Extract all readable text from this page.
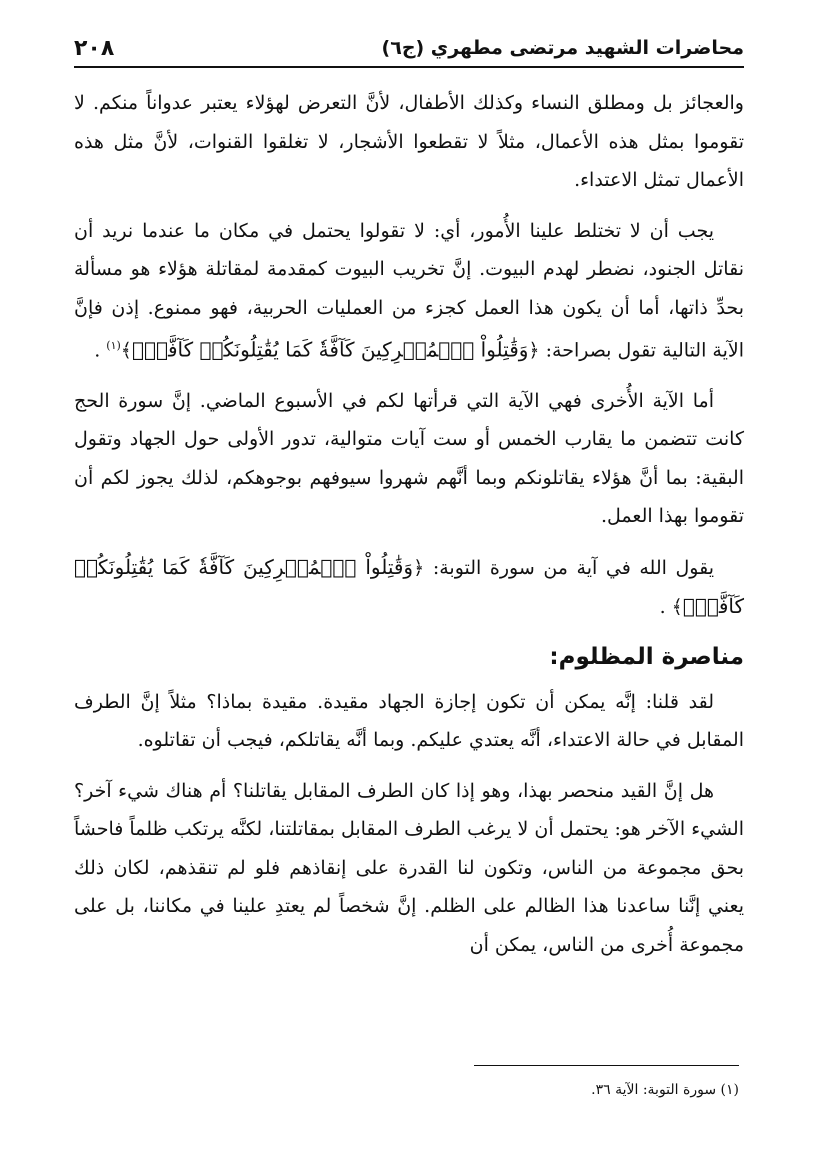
محاضرات الشهيد مرتضى مطهري (ج٦)
٢٠٨

والعجائز بل ومطلق النساء وكذلك الأطفال، لأنَّ التعرض لهؤلاء يعتبر عدواناً منكم. لا تقوموا بمثل هذه الأعمال، مثلاً لا تقطعوا الأشجار، لا تغلقوا القنوات، لأنَّ مثل هذه الأعمال تمثل الاعتداء.

يجب أن لا تختلط علينا الأُمور، أي: لا تقولوا يحتمل في مكان ما عندما نريد أن نقاتل الجنود، نضطر لهدم البيوت. إنَّ تخريب البيوت كمقدمة لمقاتلة هؤلاء هو مسألة بحدِّ ذاتها، أما أن يكون هذا العمل كجزء من العمليات الحربية، فهو ممنوع. إذن فإنَّ الآية التالية تقول بصراحة: ﴿وَقَٰتِلُواْ ٱلۡمُشۡرِكِينَ كَآفَّةٗ كَمَا يُقَٰتِلُونَكُمۡ كَآفَّةٗۚ﴾$^{(١)}$ .

أما الآية الأُخرى فهي الآية التي قرأتها لكم في الأسبوع الماضي. إنَّ سورة الحج كانت تتضمن ما يقارب الخمس أو ست آيات متوالية، تدور الأولى حول الجهاد وتقول البقية: بما أنَّ هؤلاء يقاتلونكم وبما أنَّهم شهروا سيوفهم بوجوهكم، لذلك يجوز لكم أن تقوموا بهذا العمل.

يقول الله في آية من سورة التوبة: ﴿وَقَٰتِلُواْ ٱلۡمُشۡرِكِينَ كَآفَّةٗ كَمَا يُقَٰتِلُونَكُمۡ كَآفَّةٗۚ﴾ .

مناصرة المظلوم:

لقد قلنا: إنَّه يمكن أن تكون إجازة الجهاد مقيدة. مقيدة بماذا؟ مثلاً إنَّ الطرف المقابل في حالة الاعتداء، أنَّه يعتدي عليكم. وبما أنَّه يقاتلكم، فيجب أن تقاتلوه.

هل إنَّ القيد منحصر بهذا، وهو إذا كان الطرف المقابل يقاتلنا؟ أم هناك شيء آخر؟ الشيء الآخر هو: يحتمل أن لا يرغب الطرف المقابل بمقاتلتنا، لكنَّه يرتكب ظلماً فاحشاً بحق مجموعة من الناس، وتكون لنا القدرة على إنقاذهم فلو لم تنقذهم، لكان ذلك يعني إنَّنا ساعدنا هذا الظالم على الظلم. إنَّ شخصاً لم يعتدِ علينا في مكاننا، بل على مجموعة أُخرى من الناس، يمكن أن

(١) سورة التوبة: الآية ٣٦.
